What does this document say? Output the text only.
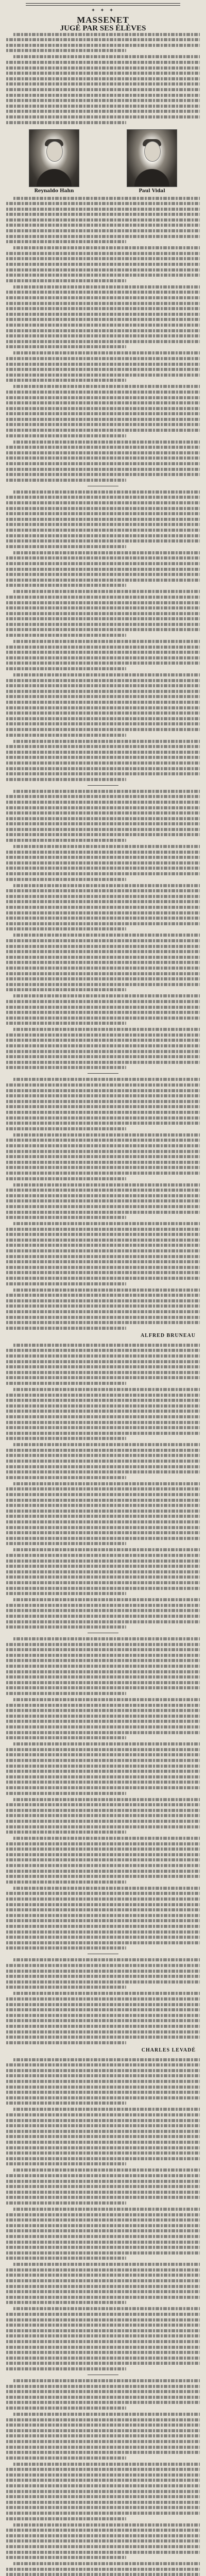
✦ ✦ ✦
MASSENET
JUGÉ PAR SES ÉLÈVES
Reynaldo Hahn	Paul Vidal
ALFRED BRUNEAU
CHARLES LEVADÉ
